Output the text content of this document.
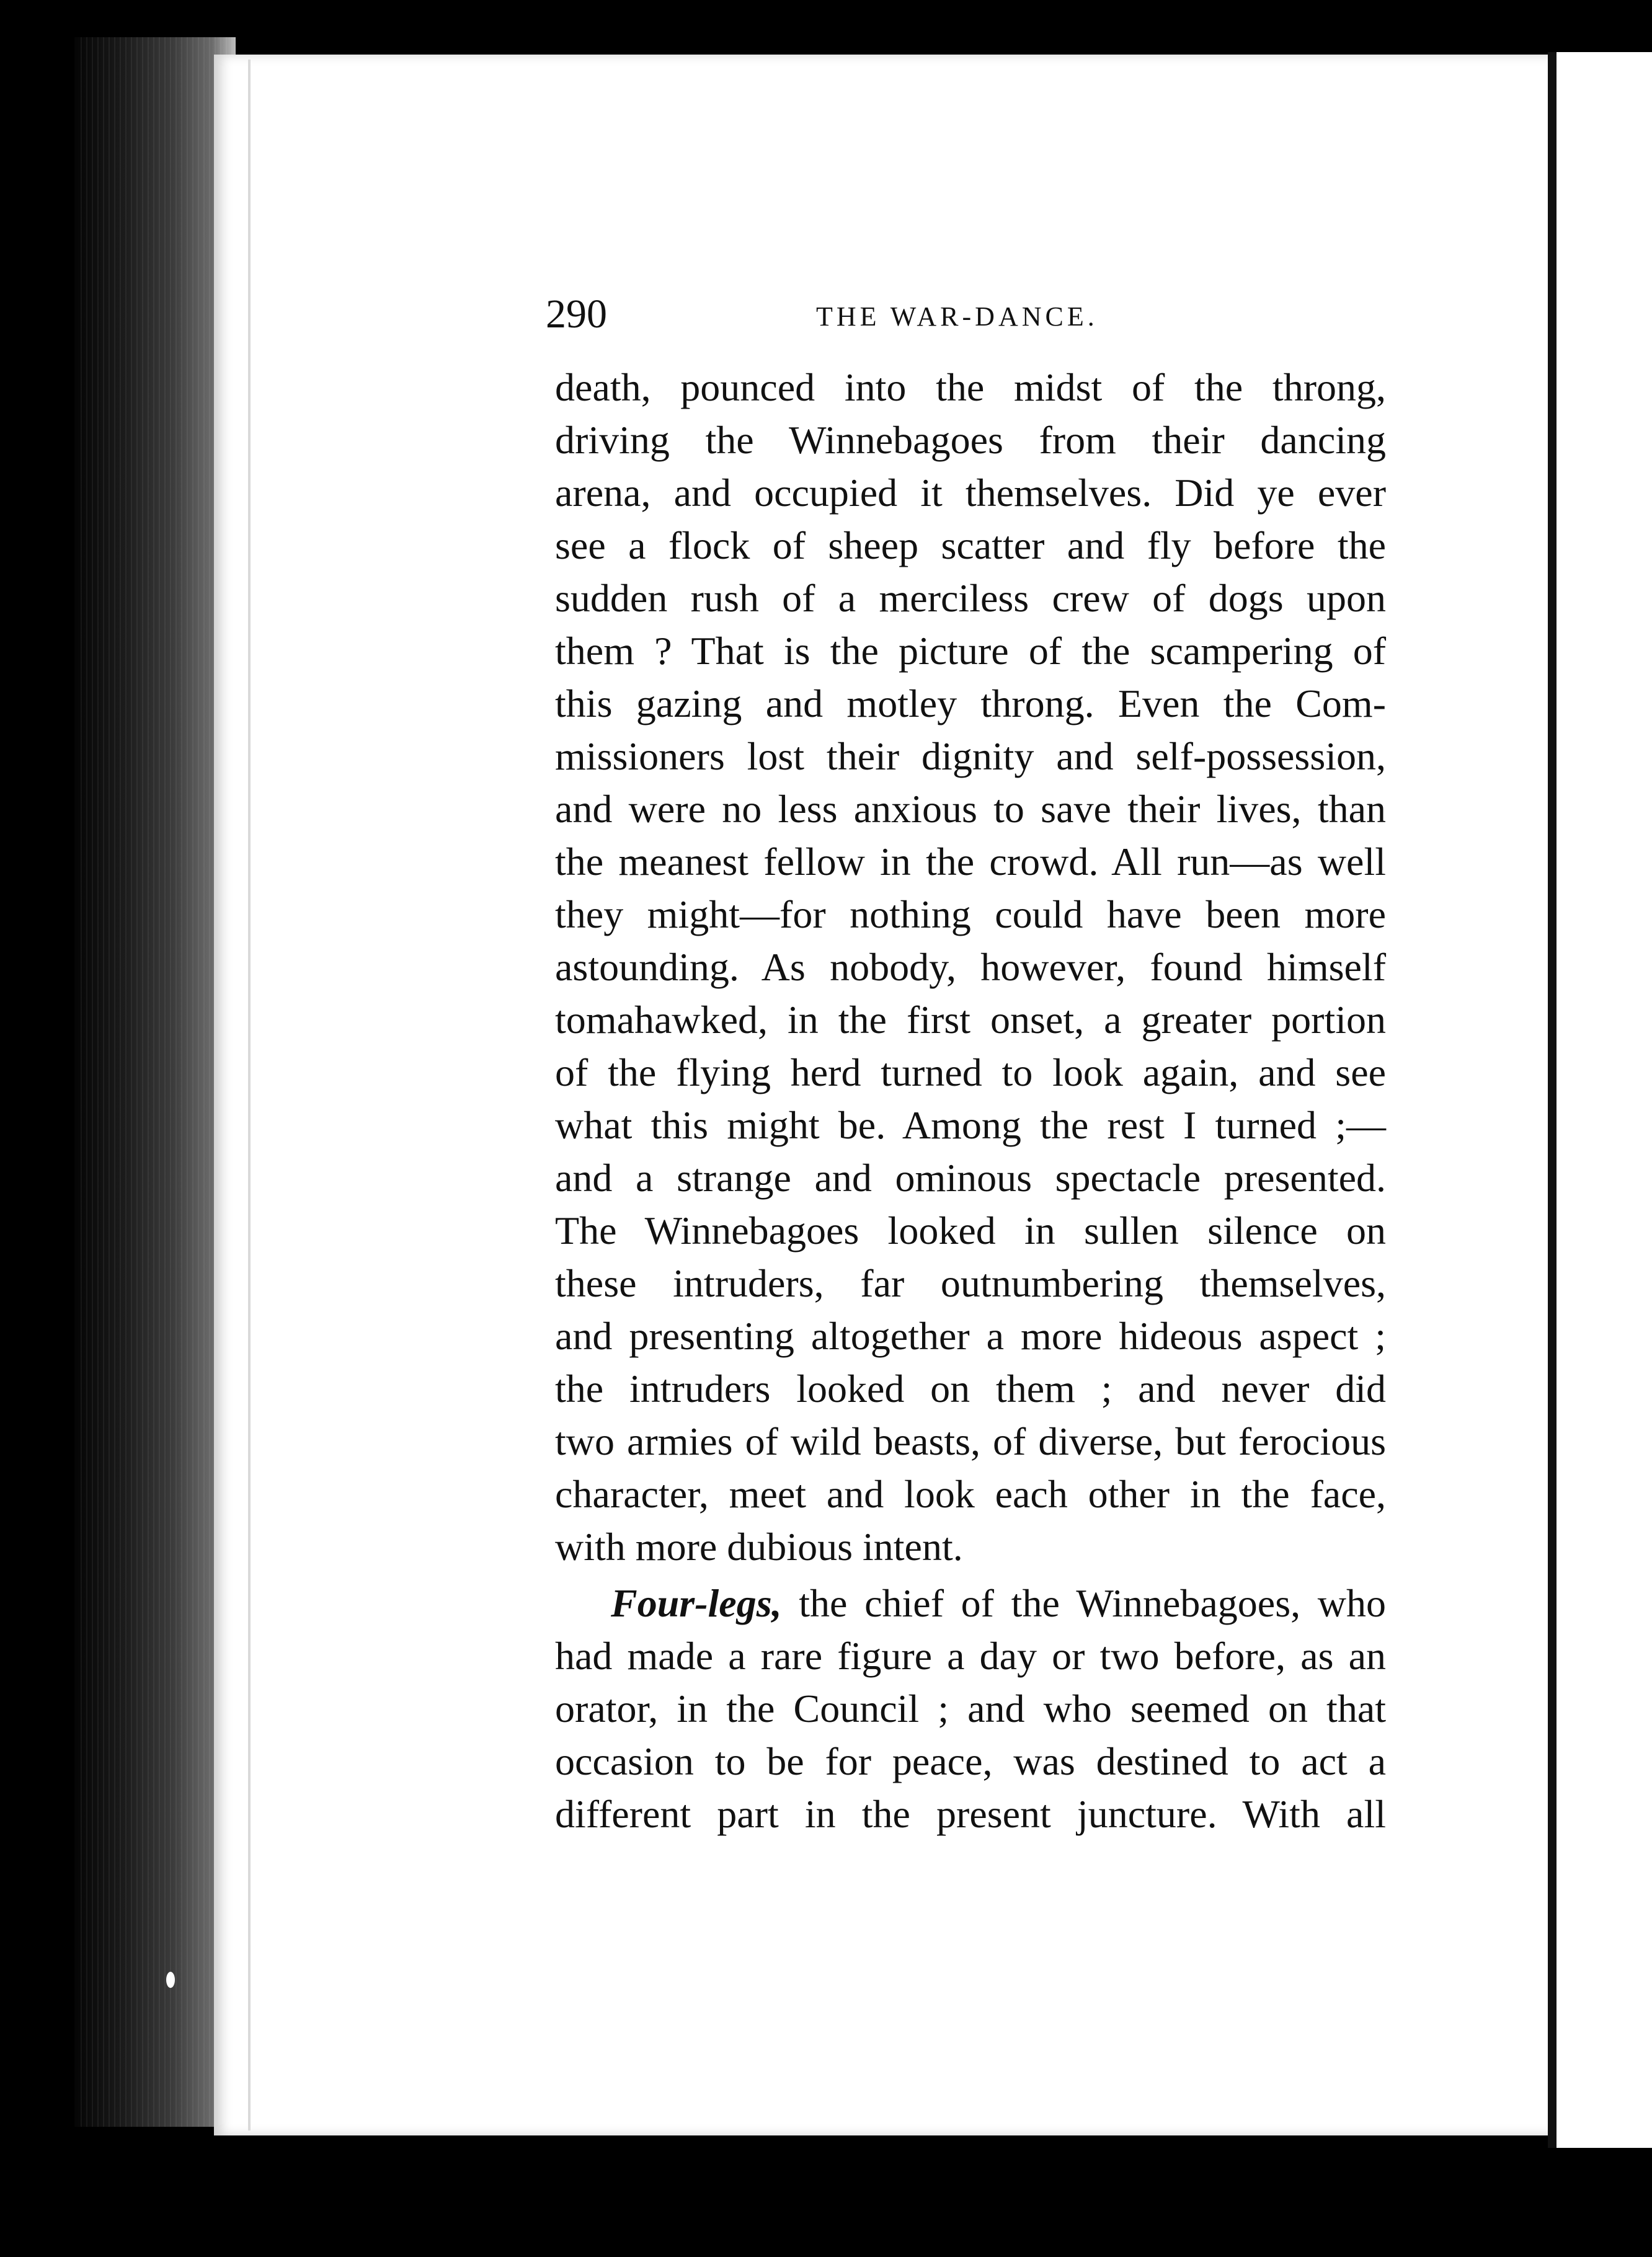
290	THE WAR-DANCE.
death, pounced into the midst of the throng,
driving the Winnebagoes from their dancing
arena, and occupied it themselves. Did ye ever
see a flock of sheep scatter and fly before the
sudden rush of a merciless crew of dogs upon
them ? That is the picture of the scampering of
this gazing and motley throng. Even the Com-
missioners lost their dignity and self-possession,
and were no less anxious to save their lives, than
the meanest fellow in the crowd. All run—as well
they might—for nothing could have been more
astounding. As nobody, however, found himself
tomahawked, in the first onset, a greater portion
of the flying herd turned to look again, and see
what this might be. Among the rest I turned ;—
and a strange and ominous spectacle presented.
The Winnebagoes looked in sullen silence on
these intruders, far outnumbering themselves,
and presenting altogether a more hideous aspect ;
the intruders looked on them ; and never did
two armies of wild beasts, of diverse, but ferocious
character, meet and look each other in the face,
with more dubious intent.
Four-legs, the chief of the Winnebagoes, who
had made a rare figure a day or two before, as an
orator, in the Council ; and who seemed on that
occasion to be for peace, was destined to act a
different part in the present juncture. With all
